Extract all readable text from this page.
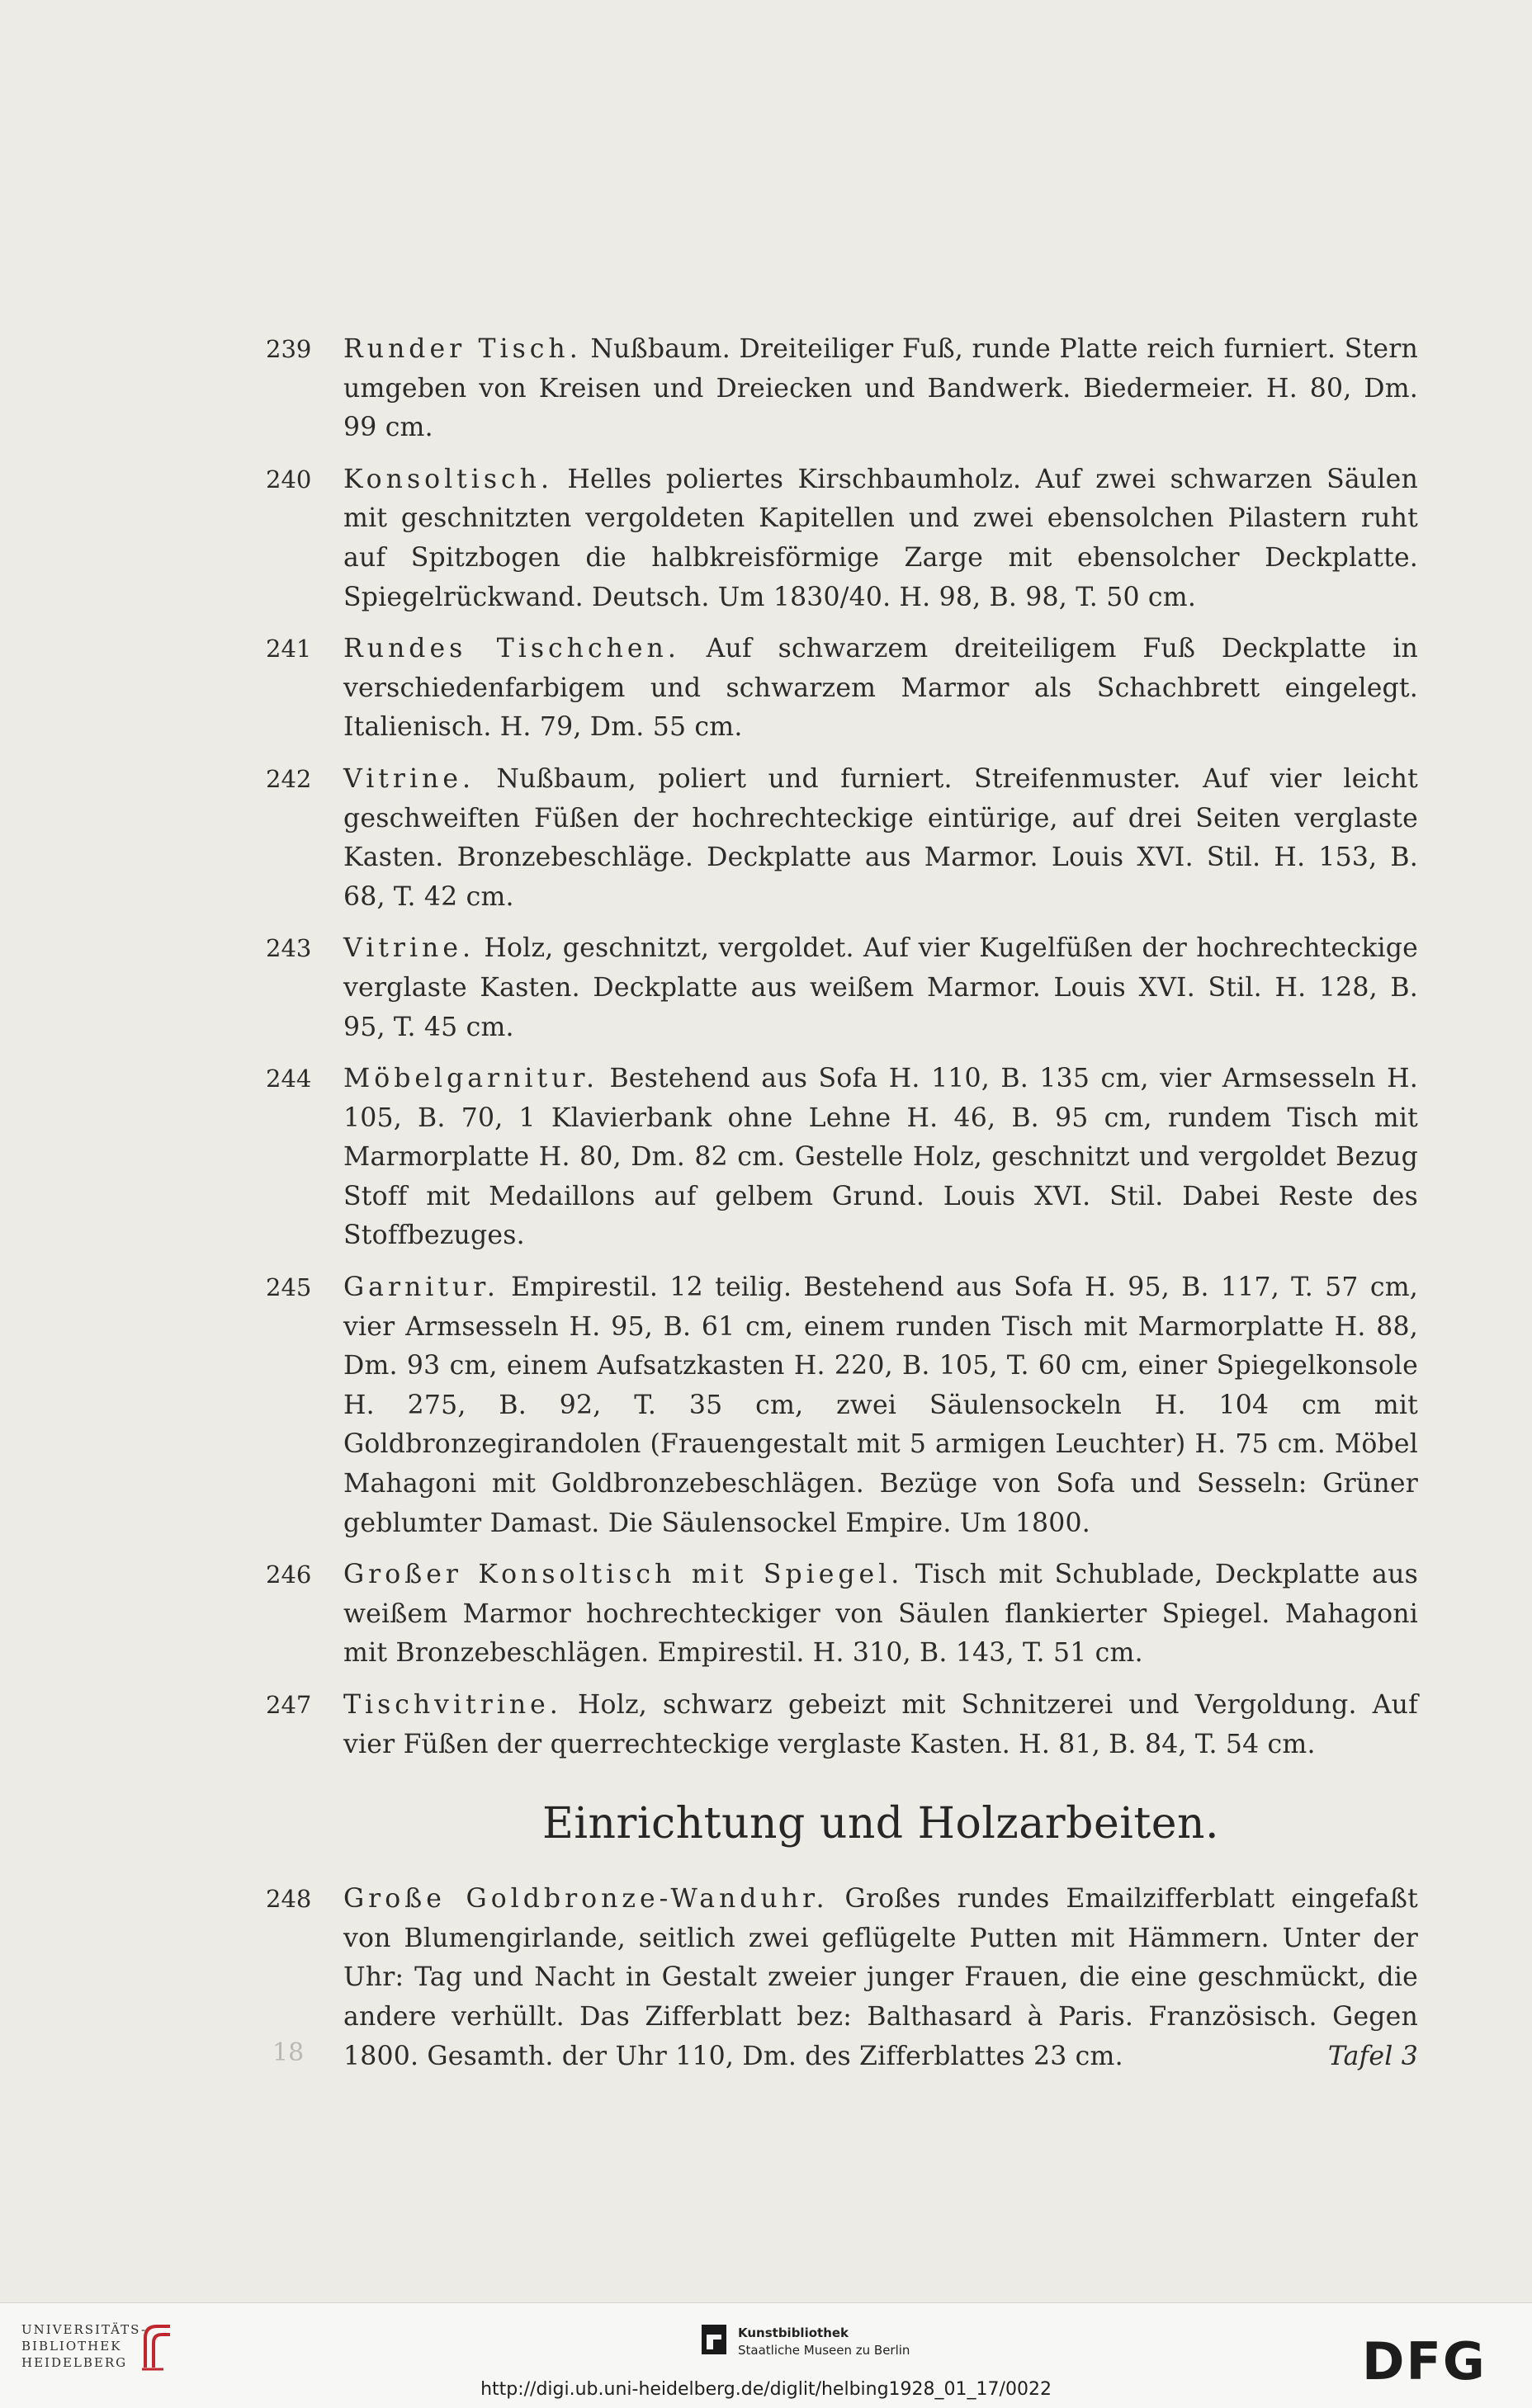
239 Runder Tisch. Nußbaum. Dreiteiliger Fuß, runde Platte reich furniert. Stern umgeben von Kreisen und Dreiecken und Bandwerk. Biedermeier. H. 80, Dm. 99 cm.
240 Konsoltisch. Helles poliertes Kirschbaumholz. Auf zwei schwarzen Säulen mit geschnitzten vergoldeten Kapitellen und zwei ebensolchen Pilastern ruht auf Spitzbogen die halbkreisförmige Zarge mit ebensolcher Deckplatte. Spiegelrückwand. Deutsch. Um 1830/40. H. 98, B. 98, T. 50 cm.
241 Rundes Tischchen. Auf schwarzem dreiteiligem Fuß Deckplatte in verschiedenfarbigem und schwarzem Marmor als Schachbrett eingelegt. Italienisch. H. 79, Dm. 55 cm.
242 Vitrine. Nußbaum, poliert und furniert. Streifenmuster. Auf vier leicht geschweiften Füßen der hochrechteckige eintürige, auf drei Seiten verglaste Kasten. Bronzebeschläge. Deckplatte aus Marmor. Louis XVI. Stil. H. 153, B. 68, T. 42 cm.
243 Vitrine. Holz, geschnitzt, vergoldet. Auf vier Kugelfüßen der hochrechteckige verglaste Kasten. Deckplatte aus weißem Marmor. Louis XVI. Stil. H. 128, B. 95, T. 45 cm.
244 Möbelgarnitur. Bestehend aus Sofa H. 110, B. 135 cm, vier Armsesseln H. 105, B. 70, 1 Klavierbank ohne Lehne H. 46, B. 95 cm, rundem Tisch mit Marmorplatte H. 80, Dm. 82 cm. Gestelle Holz, geschnitzt und vergoldet Bezug Stoff mit Medaillons auf gelbem Grund. Louis XVI. Stil. Dabei Reste des Stoffbezuges.
245 Garnitur. Empirestil. 12 teilig. Bestehend aus Sofa H. 95, B. 117, T. 57 cm, vier Armsesseln H. 95, B. 61 cm, einem runden Tisch mit Marmorplatte H. 88, Dm. 93 cm, einem Aufsatzkasten H. 220, B. 105, T. 60 cm, einer Spiegelkonsole H. 275, B. 92, T. 35 cm, zwei Säulensockeln H. 104 cm mit Goldbronzegirandolen (Frauengestalt mit 5 armigen Leuchter) H. 75 cm. Möbel Mahagoni mit Goldbronzebeschlägen. Bezüge von Sofa und Sesseln: Grüner geblumter Damast. Die Säulensockel Empire. Um 1800.
246 Großer Konsoltisch mit Spiegel. Tisch mit Schublade, Deckplatte aus weißem Marmor hochrechteckiger von Säulen flankierter Spiegel. Mahagoni mit Bronzebeschlägen. Empirestil. H. 310, B. 143, T. 51 cm.
247 Tischvitrine. Holz, schwarz gebeizt mit Schnitzerei und Vergoldung. Auf vier Füßen der querrechteckige verglaste Kasten. H. 81, B. 84, T. 54 cm.
Einrichtung und Holzarbeiten.
248 Große Goldbronze-Wanduhr. Großes rundes Emailzifferblatt eingefaßt von Blumengirlande, seitlich zwei geflügelte Putten mit Hämmern. Unter der Uhr: Tag und Nacht in Gestalt zweier junger Frauen, die eine geschmückt, die andere verhüllt. Das Zifferblatt bez: Balthasard à Paris. Französisch. Gegen 1800. Gesamth. der Uhr 110, Dm. des Zifferblattes 23 cm.	Tafel 3
18
UNIVERSITÄTS-
BIBLIOTHEK
HEIDELBERG
Kunstbibliothek
Staatliche Museen zu Berlin	DFG
http://digi.ub.uni-heidelberg.de/diglit/helbing1928_01_17/0022
